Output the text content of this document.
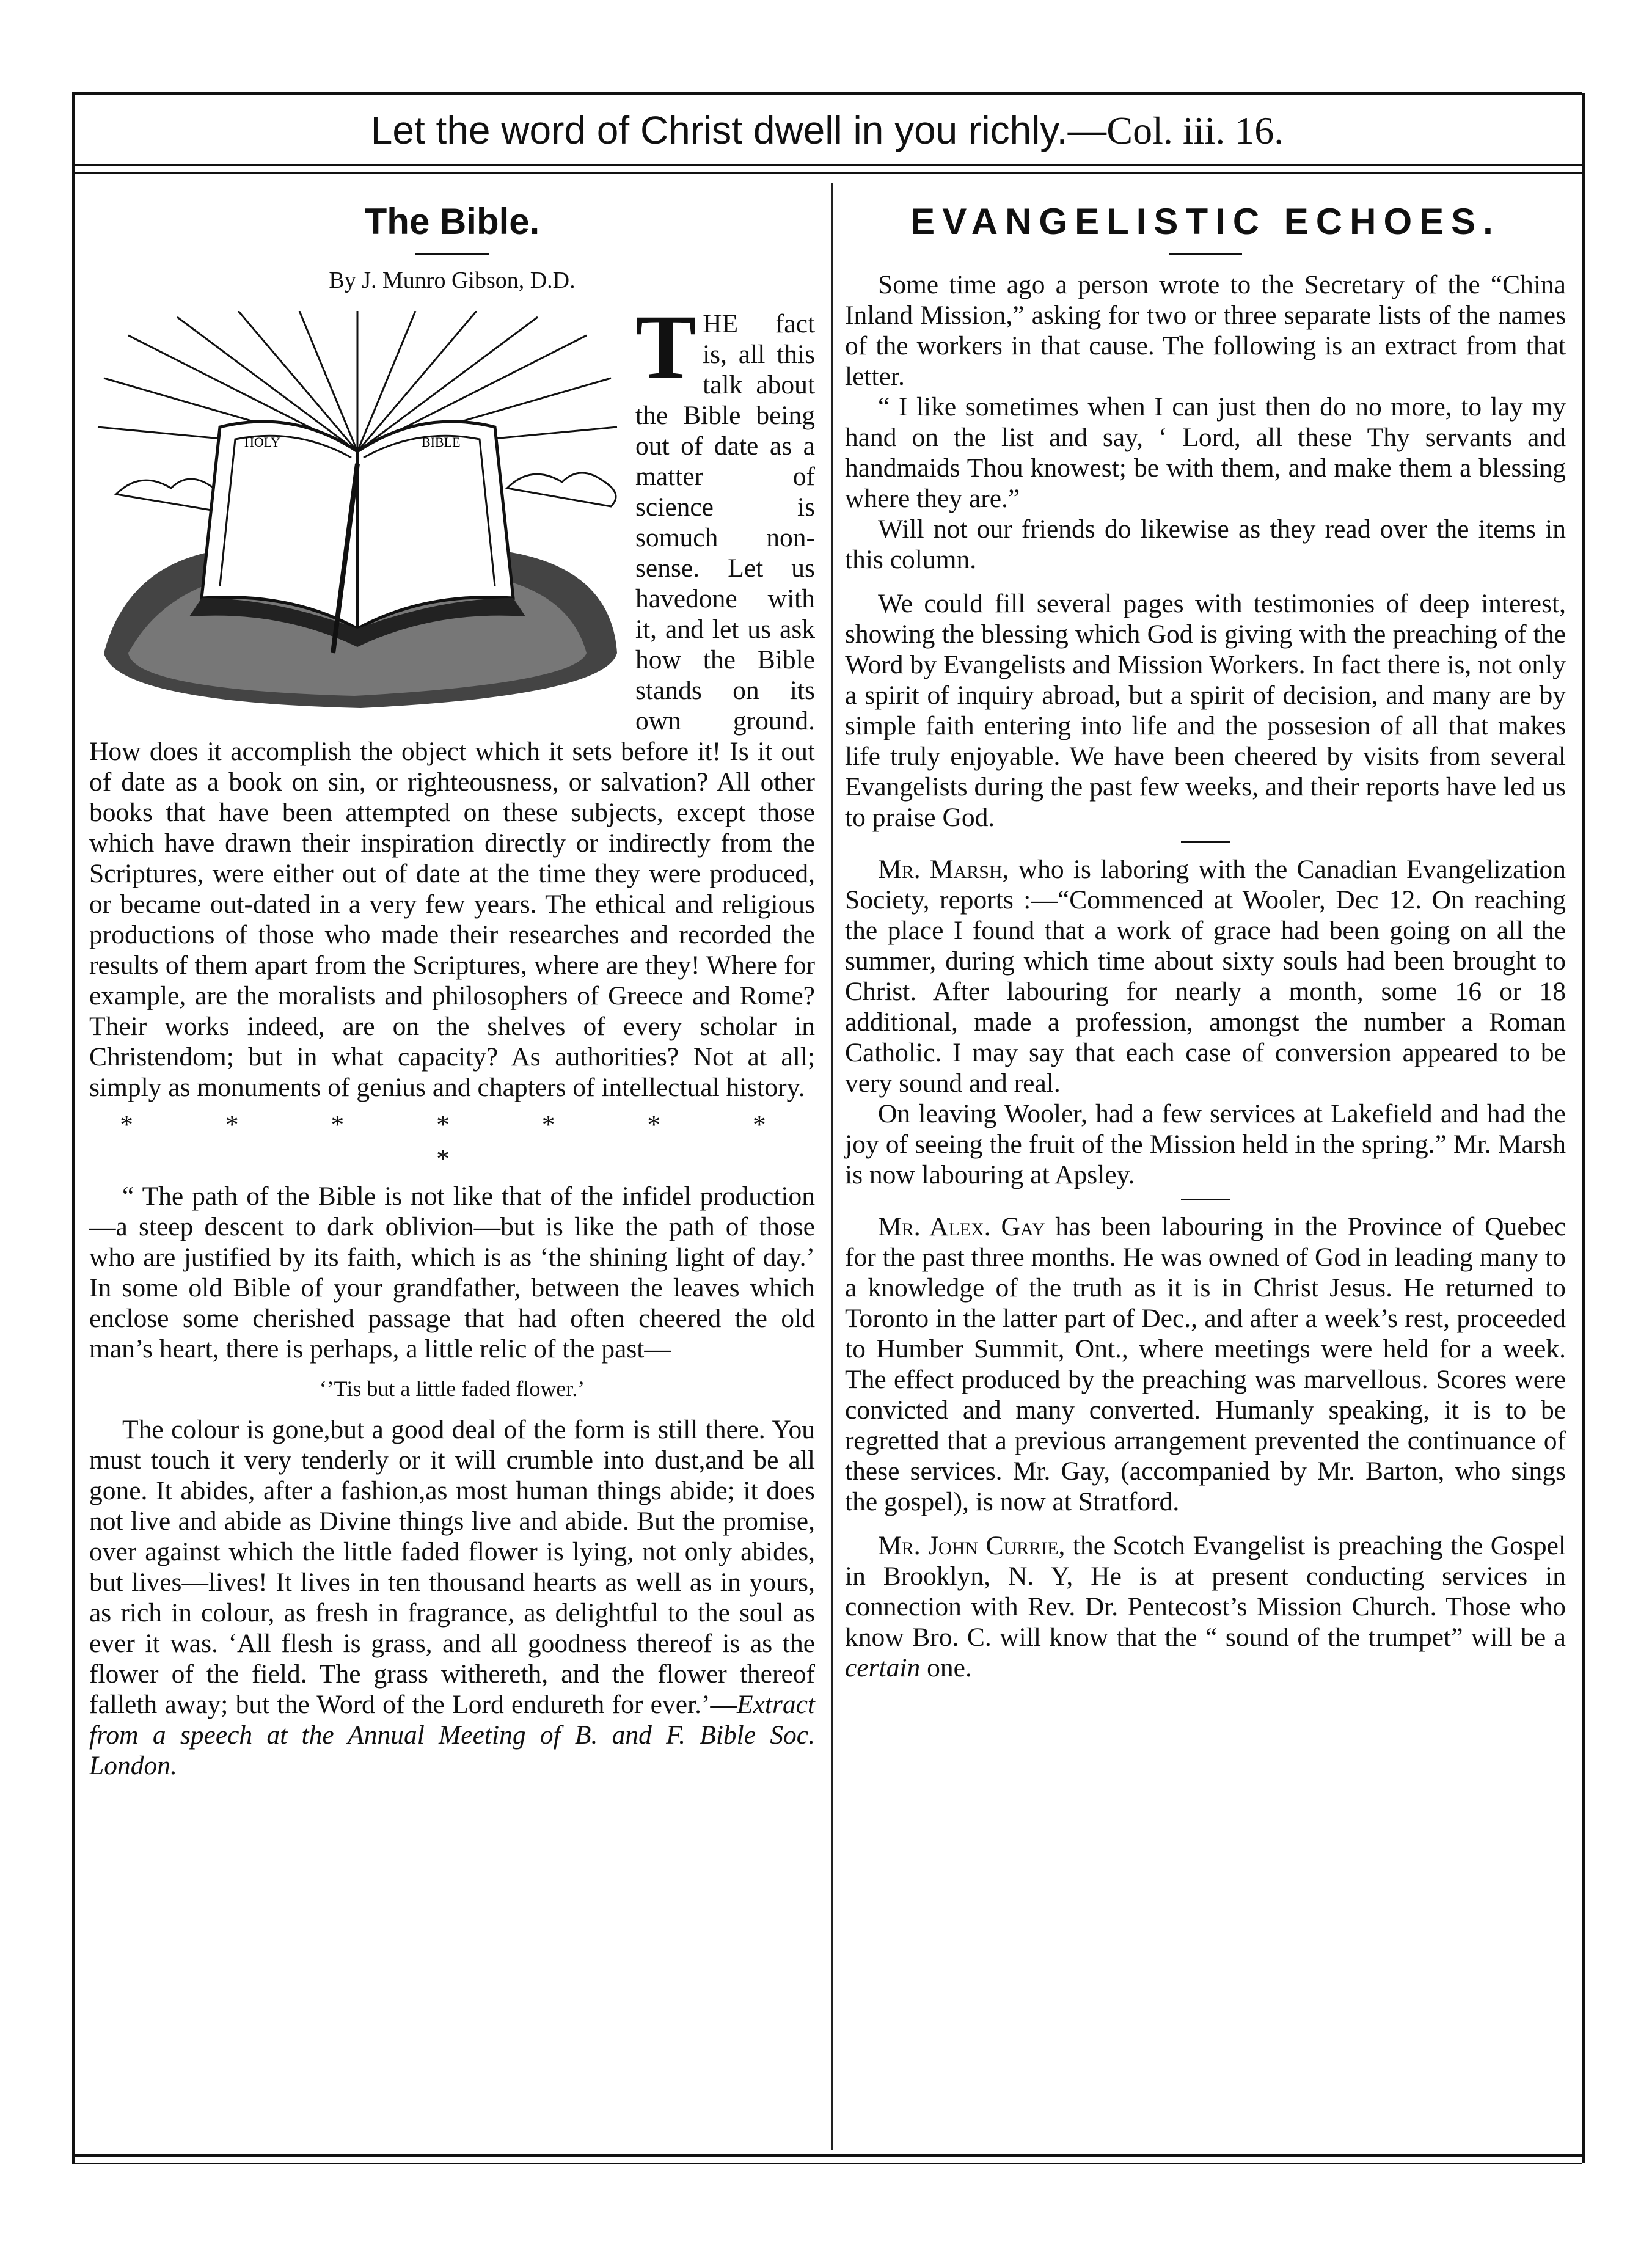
Let the word of Christ dwell in you richly.—Col. iii. 16.
The Bible.
By J. Munro Gibson, D.D.
HOLY	BIBLE

THE fact is, all this talk about the Bible being out of date as a matter of science is somuch non-sense. Let us havedone with it, and let us ask how the Bible stands on its own ground. How does it accomplish the object which it sets before it! Is it out of date as a book on sin, or righteousness, or salvation? All other books that have been attempted on these subjects, except those which have drawn their inspiration directly or indirectly from the Scriptures, were either out of date at the time they were produced, or became out-dated in a very few years. The ethical and religious productions of those who made their researches and recorded the results of them apart from the Scriptures, where are they! Where for example, are the moralists and philosophers of Greece and Rome? Their works indeed, are on the shelves of every scholar in Christendom; but in what capacity? As authorities? Not at all; simply as monuments of genius and chapters of intellectual history.

* * * * * * * *

“ The path of the Bible is not like that of the infidel production—a steep descent to dark oblivion—but is like the path of those who are justified by its faith, which is as ‘the shining light of day.’ In some old Bible of your grandfather, between the leaves which enclose some cherished passage that had often cheered the old man’s heart, there is perhaps, a little relic of the past—

‘’Tis but a little faded flower.’

The colour is gone,but a good deal of the form is still there. You must touch it very tenderly or it will crumble into dust,and be all gone. It abides, after a fashion,as most human things abide; it does not live and abide as Divine things live and abide. But the promise, over against which the little faded flower is lying, not only abides, but lives—lives! It lives in ten thousand hearts as well as in yours, as rich in colour, as fresh in fragrance, as delightful to the soul as ever it was. ‘All flesh is grass, and all goodness thereof is as the flower of the field. The grass withereth, and the flower thereof falleth away; but the Word of the Lord endureth for ever.’—Extract from a speech at the Annual Meeting of B. and F. Bible Soc. London.

EVANGELISTIC ECHOES.

Some time ago a person wrote to the Secretary of the “China Inland Mission,” asking for two or three separate lists of the names of the workers in that cause. The following is an extract from that letter.

“ I like sometimes when I can just then do no more, to lay my hand on the list and say, ‘ Lord, all these Thy servants and handmaids Thou knowest; be with them, and make them a blessing where they are.”

Will not our friends do likewise as they read over the items in this column.

We could fill several pages with testimonies of deep interest, showing the blessing which God is giving with the preaching of the Word by Evangelists and Mission Workers. In fact there is, not only a spirit of inquiry abroad, but a spirit of decision, and many are by simple faith entering into life and the possesion of all that makes life truly enjoyable. We have been cheered by visits from several Evangelists during the past few weeks, and their reports have led us to praise God.

Mr. Marsh, who is laboring with the Canadian Evangelization Society, reports :—“Commenced at Wooler, Dec 12. On reaching the place I found that a work of grace had been going on all the summer, during which time about sixty souls had been brought to Christ. After labouring for nearly a month, some 16 or 18 additional, made a profession, amongst the number a Roman Catholic. I may say that each case of conversion appeared to be very sound and real.

On leaving Wooler, had a few services at Lakefield and had the joy of seeing the fruit of the Mission held in the spring.” Mr. Marsh is now labouring at Apsley.

Mr. Alex. Gay has been labouring in the Province of Quebec for the past three months. He was owned of God in leading many to a knowledge of the truth as it is in Christ Jesus. He returned to Toronto in the latter part of Dec., and after a week’s rest, proceeded to Humber Summit, Ont., where meetings were held for a week. The effect produced by the preaching was marvellous. Scores were convicted and many converted. Humanly speaking, it is to be regretted that a previous arrangement prevented the continuance of these services. Mr. Gay, (accompanied by Mr. Barton, who sings the gospel), is now at Stratford.

Mr. John Currie, the Scotch Evangelist is preaching the Gospel in Brooklyn, N. Y, He is at present conducting services in connection with Rev. Dr. Pentecost’s Mission Church. Those who know Bro. C. will know that the “ sound of the trumpet” will be a certain one.
